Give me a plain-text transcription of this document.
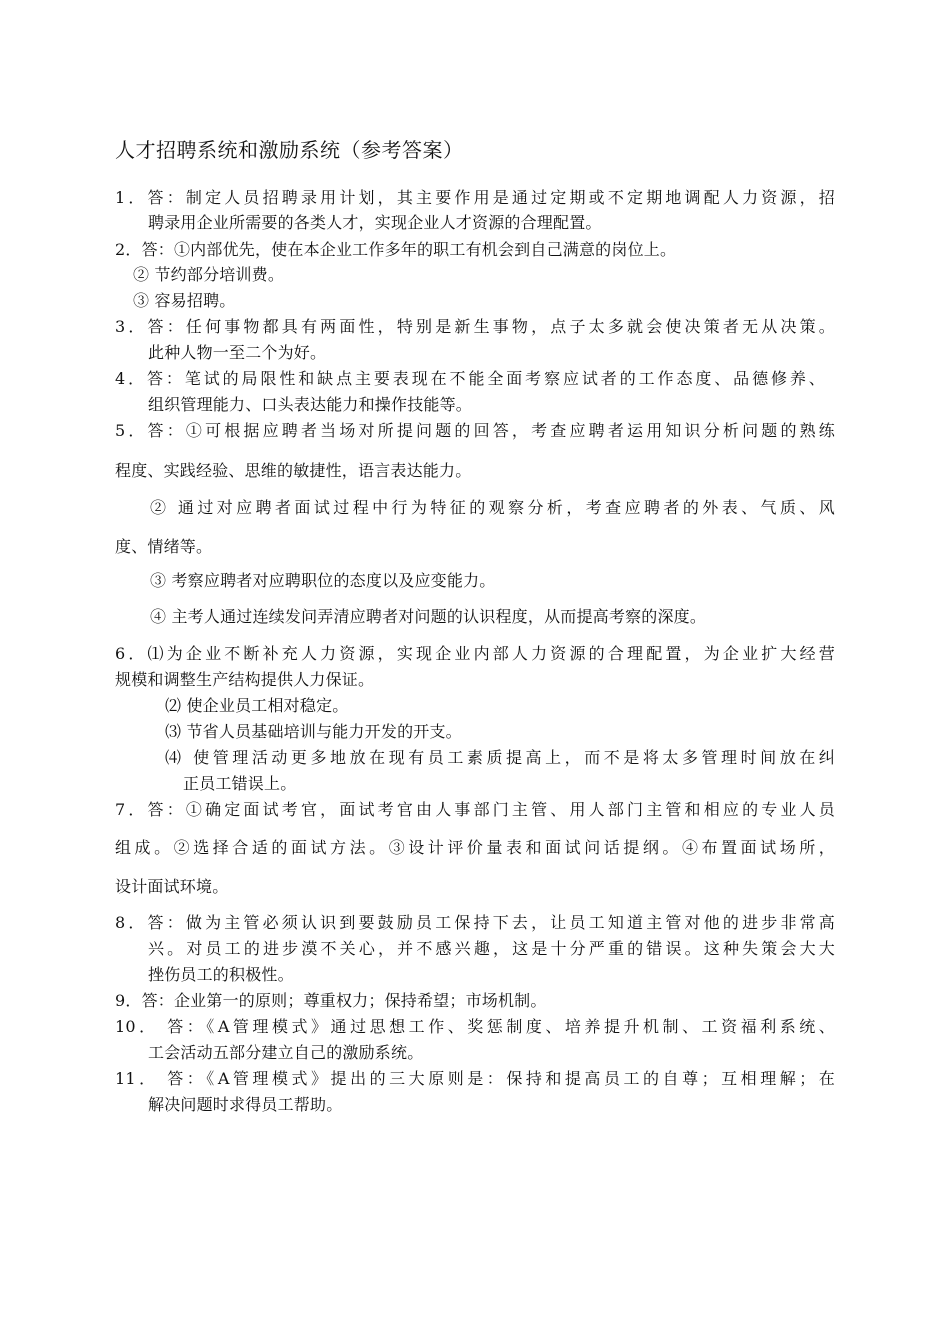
人才招聘系统和激励系统（参考答案）
1．答：制定人员招聘录用计划，其主要作用是通过定期或不定期地调配人力资源，招
聘录用企业所需要的各类人才，实现企业人才资源的合理配置。
2．答：①内部优先，使在本企业工作多年的职工有机会到自己满意的岗位上。
② 节约部分培训费。
③ 容易招聘。
3．答：任何事物都具有两面性，特别是新生事物，点子太多就会使决策者无从决策。
此种人物一至二个为好。
4．答：笔试的局限性和缺点主要表现在不能全面考察应试者的工作态度、品德修养、
组织管理能力、口头表达能力和操作技能等。
5．答：①可根据应聘者当场对所提问题的回答，考查应聘者运用知识分析问题的熟练
程度、实践经验、思维的敏捷性，语言表达能力。
② 通过对应聘者面试过程中行为特征的观察分析，考查应聘者的外表、气质、风
度、情绪等。
③ 考察应聘者对应聘职位的态度以及应变能力。
④ 主考人通过连续发问弄清应聘者对问题的认识程度，从而提高考察的深度。
6．⑴为企业不断补充人力资源，实现企业内部人力资源的合理配置，为企业扩大经营
规模和调整生产结构提供人力保证。
⑵ 使企业员工相对稳定。
⑶ 节省人员基础培训与能力开发的开支。
⑷ 使管理活动更多地放在现有员工素质提高上，而不是将太多管理时间放在纠
正员工错误上。
7．答：①确定面试考官，面试考官由人事部门主管、用人部门主管和相应的专业人员
组成。②选择合适的面试方法。③设计评价量表和面试问话提纲。④布置面试场所，
设计面试环境。
8．答：做为主管必须认识到要鼓励员工保持下去，让员工知道主管对他的进步非常高
兴。对员工的进步漠不关心，并不感兴趣，这是十分严重的错误。这种失策会大大
挫伤员工的积极性。
9．答：企业第一的原则；尊重权力；保持希望；市场机制。
10． 答：《A管理模式》通过思想工作、奖惩制度、培养提升机制、工资福利系统、
工会活动五部分建立自己的激励系统。
11． 答：《A管理模式》提出的三大原则是：保持和提高员工的自尊；互相理解；在
解决问题时求得员工帮助。
